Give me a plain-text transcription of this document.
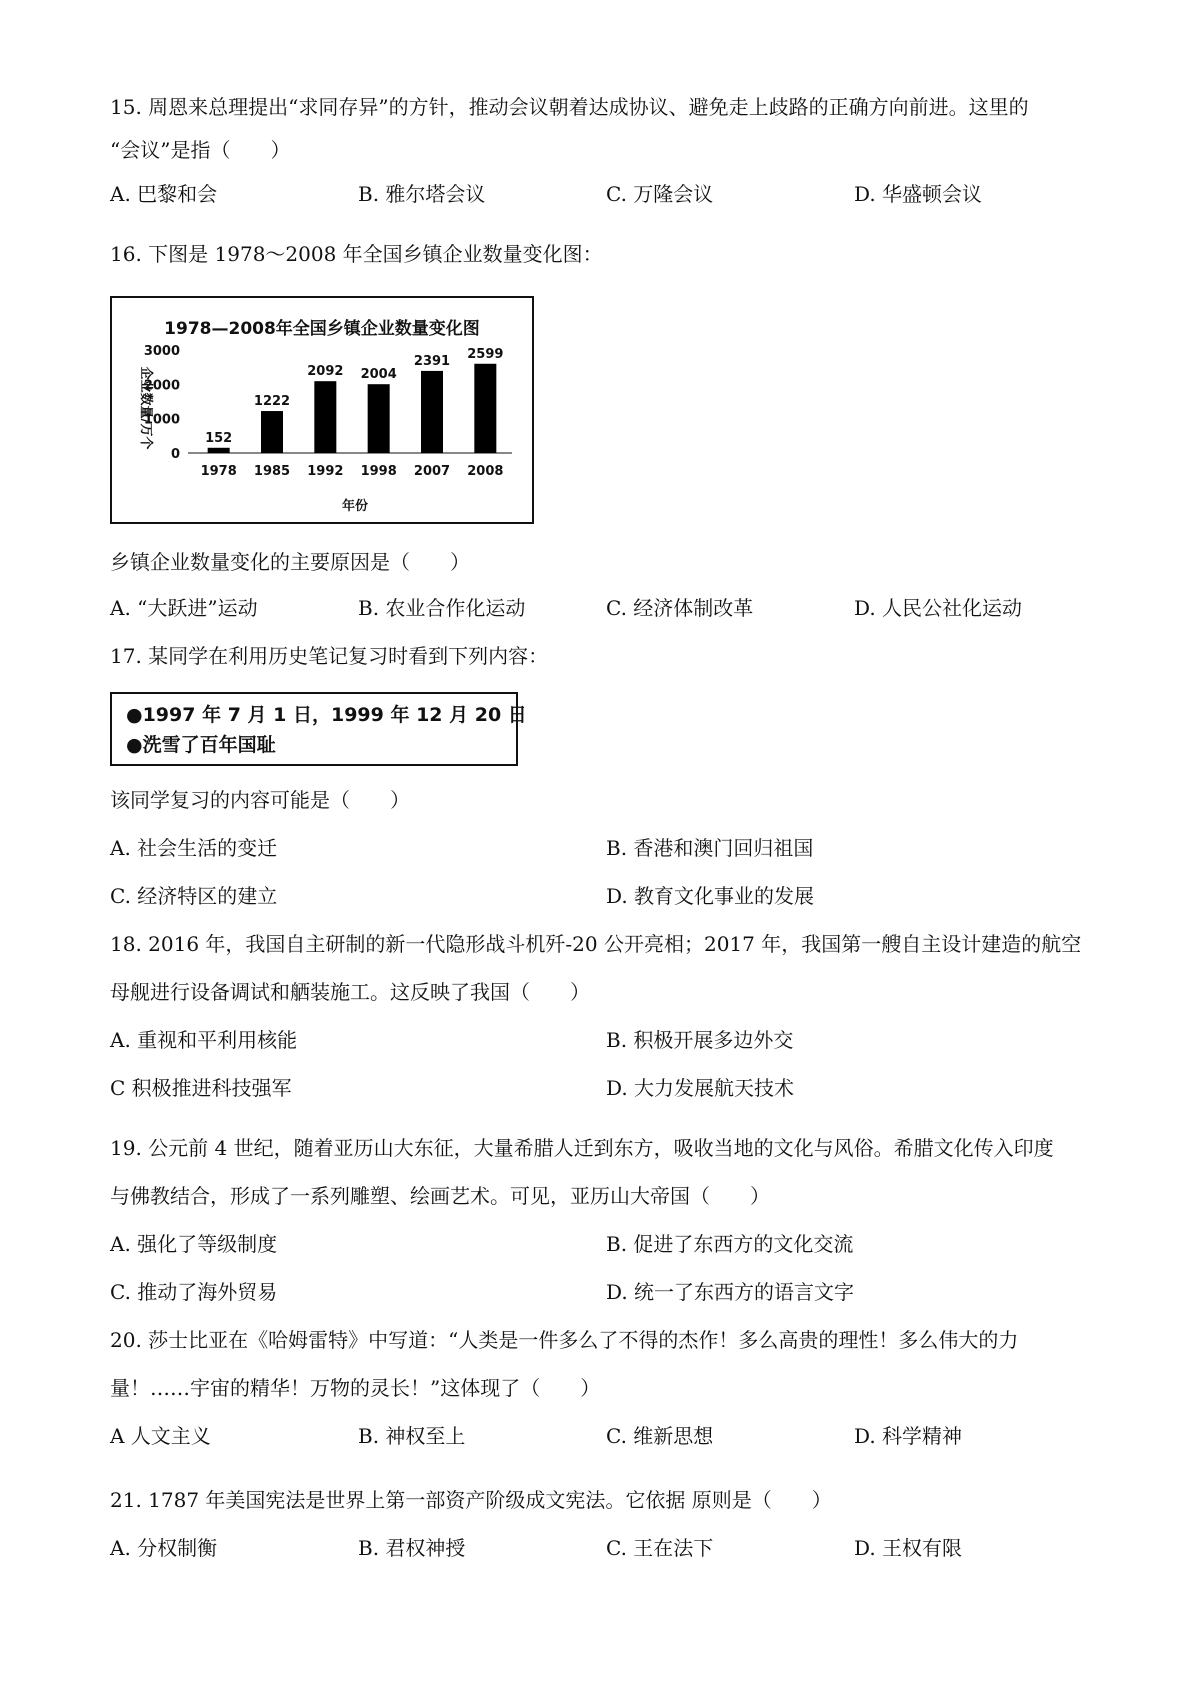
15. 周恩来总理提出“求同存异”的方针，推动会议朝着达成协议、避免走上歧路的正确方向前进。这里的
“会议”是指（　　）
A. 巴黎和会	B. 雅尔塔会议	C. 万隆会议	D. 华盛顿会议
16. 下图是 1978～2008 年全国乡镇企业数量变化图：
1978—2008年全国乡镇企业数量变化图
企业数量/万个
年份
0
1000
2000
3000
152
1978
1222
1985
2092
1992
2004
1998
2391
2007
2599
2008
乡镇企业数量变化的主要原因是（　　）
A. “大跃进”运动	B. 农业合作化运动	C. 经济体制改革	D. 人民公社化运动
17. 某同学在利用历史笔记复习时看到下列内容：
●1997 年 7 月 1 日，1999 年 12 月 20 日
●洗雪了百年国耻
该同学复习的内容可能是（　　）
A. 社会生活的变迁	B. 香港和澳门回归祖国
C. 经济特区的建立	D. 教育文化事业的发展
18. 2016 年，我国自主研制的新一代隐形战斗机歼-20 公开亮相；2017 年，我国第一艘自主设计建造的航空
母舰进行设备调试和舾装施工。这反映了我国（　　）
A. 重视和平利用核能	B. 积极开展多边外交
C 积极推进科技强军	D. 大力发展航天技术
19. 公元前 4 世纪，随着亚历山大东征，大量希腊人迁到东方，吸收当地的文化与风俗。希腊文化传入印度
与佛教结合，形成了一系列雕塑、绘画艺术。可见，亚历山大帝国（　　）
A. 强化了等级制度	B. 促进了东西方的文化交流
C. 推动了海外贸易	D. 统一了东西方的语言文字
20. 莎士比亚在《哈姆雷特》中写道：“人类是一件多么了不得的杰作！多么高贵的理性！多么伟大的力
量！……宇宙的精华！万物的灵长！”这体现了（　　）
A 人文主义	B. 神权至上	C. 维新思想	D. 科学精神
21. 1787 年美国宪法是世界上第一部资产阶级成文宪法。它依据 原则是（　　）
A. 分权制衡	B. 君权神授	C. 王在法下	D. 王权有限
